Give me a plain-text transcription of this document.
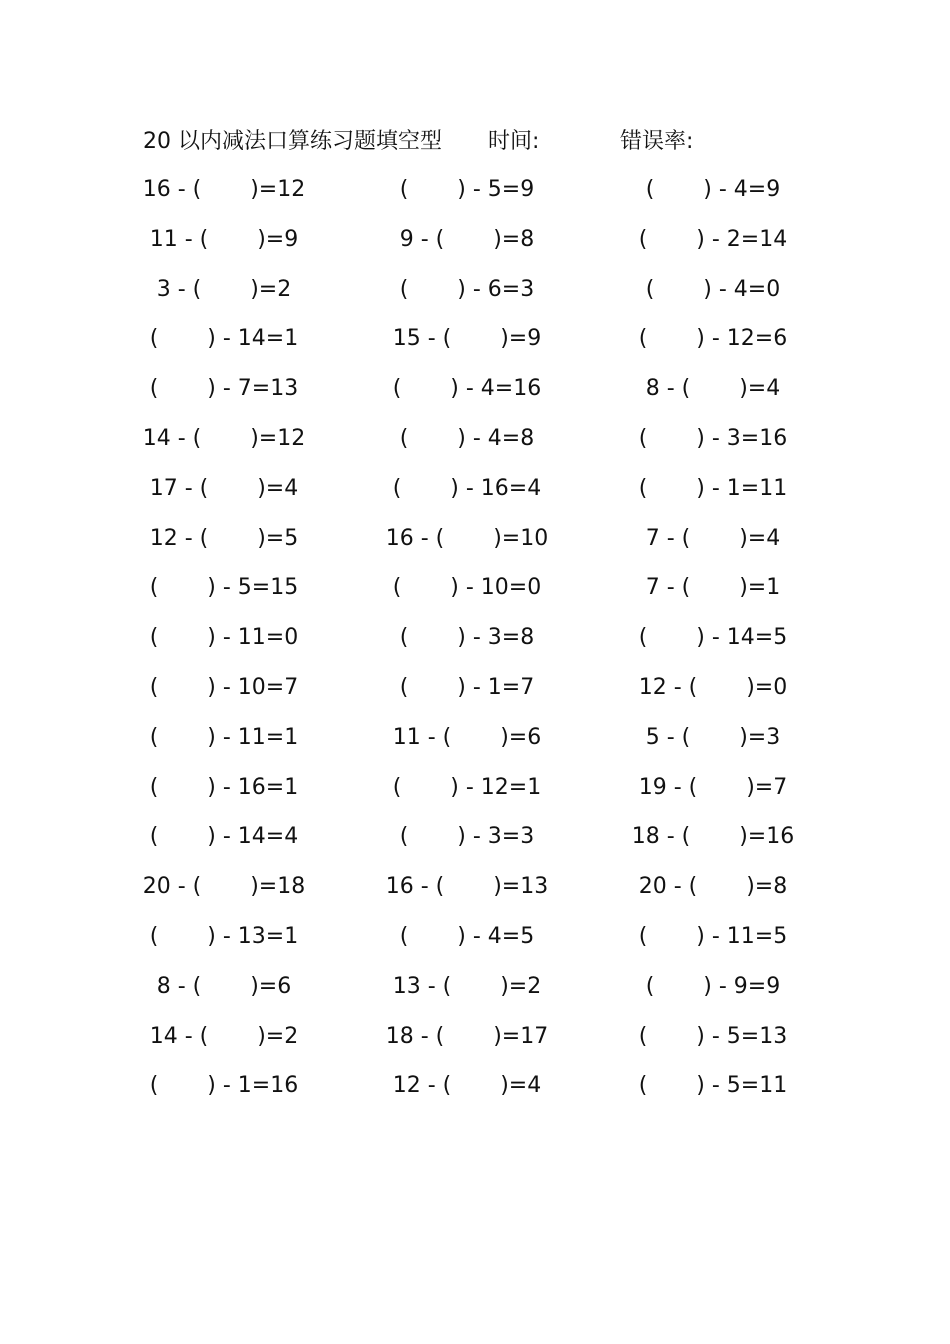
20 以内减法口算练习题填空型 时间:	错误率:
16 - (       )=12	(       ) - 5=9	(       ) - 4=9
11 - (       )=9	9 - (       )=8	(       ) - 2=14
3 - (       )=2	(       ) - 6=3	(       ) - 4=0
(       ) - 14=1	15 - (       )=9	(       ) - 12=6
(       ) - 7=13	(       ) - 4=16	8 - (       )=4
14 - (       )=12	(       ) - 4=8	(       ) - 3=16
17 - (       )=4	(       ) - 16=4	(       ) - 1=11
12 - (       )=5	16 - (       )=10	7 - (       )=4
(       ) - 5=15	(       ) - 10=0	7 - (       )=1
(       ) - 11=0	(       ) - 3=8	(       ) - 14=5
(       ) - 10=7	(       ) - 1=7	12 - (       )=0
(       ) - 11=1	11 - (       )=6	5 - (       )=3
(       ) - 16=1	(       ) - 12=1	19 - (       )=7
(       ) - 14=4	(       ) - 3=3	18 - (       )=16
20 - (       )=18	16 - (       )=13	20 - (       )=8
(       ) - 13=1	(       ) - 4=5	(       ) - 11=5
8 - (       )=6	13 - (       )=2	(       ) - 9=9
14 - (       )=2	18 - (       )=17	(       ) - 5=13
(       ) - 1=16	12 - (       )=4	(       ) - 5=11
